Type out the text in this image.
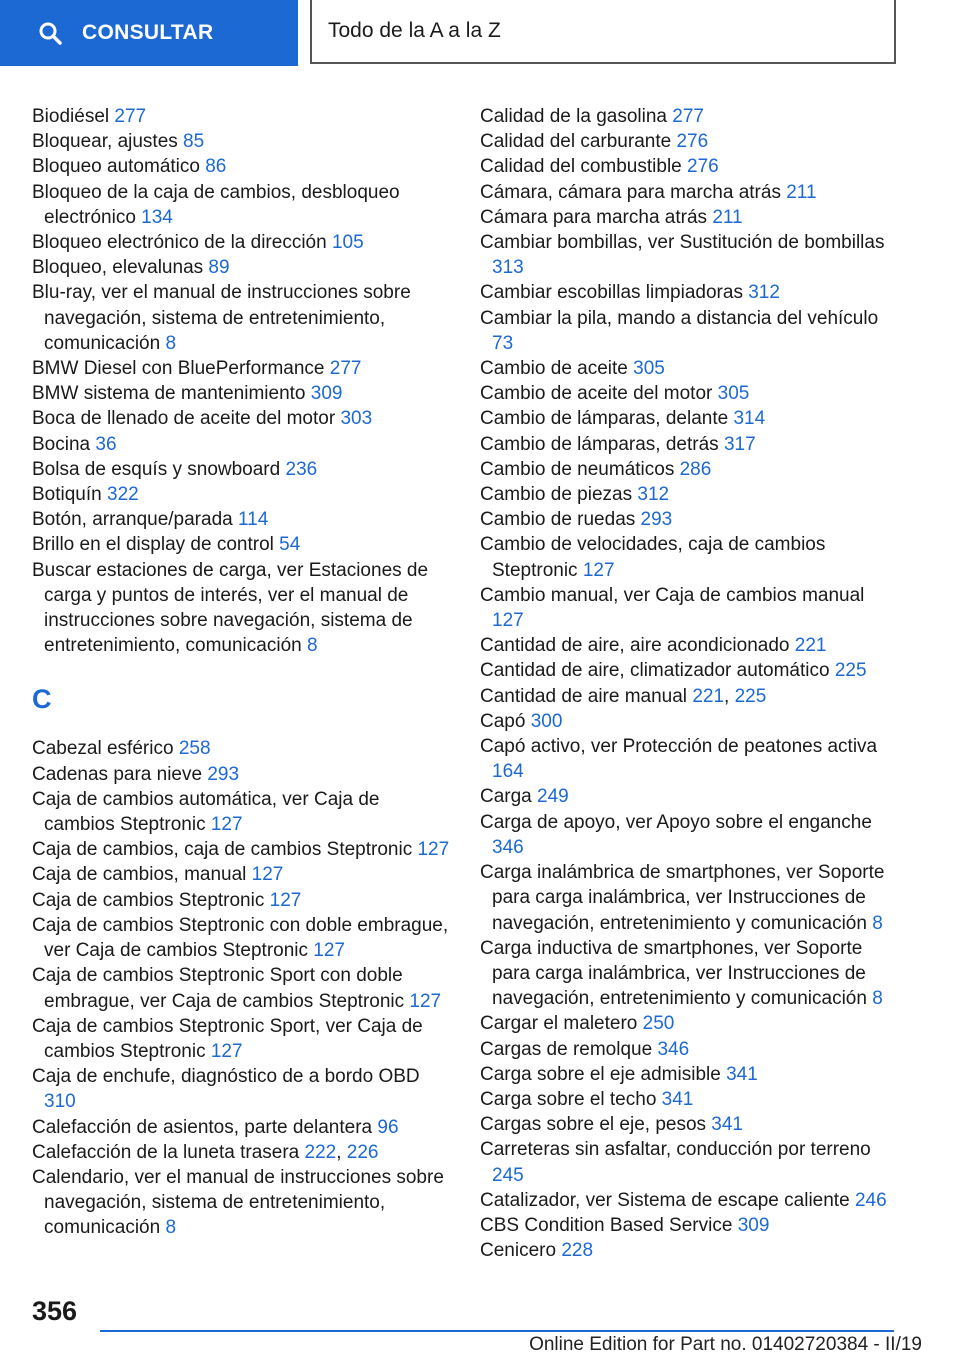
CONSULTAR	Todo de la A a la Z
Biodiésel 277
Bloquear, ajustes 85
Bloqueo automático 86
Bloqueo de la caja de cambios, desbloqueo electrónico 134
Bloqueo electrónico de la dirección 105
Bloqueo, elevalunas 89
Blu-ray, ver el manual de instrucciones sobre navegación, sistema de entretenimiento, comunicación 8
BMW Diesel con BluePerformance 277
BMW sistema de mantenimiento 309
Boca de llenado de aceite del motor 303
Bocina 36
Bolsa de esquís y snowboard 236
Botiquín 322
Botón, arranque/parada 114
Brillo en el display de control 54
Buscar estaciones de carga, ver Estaciones de carga y puntos de interés, ver el manual de instrucciones sobre navegación, sistema de entretenimiento, comunicación 8
C
Cabezal esférico 258
Cadenas para nieve 293
Caja de cambios automática, ver Caja de cambios Steptronic 127
Caja de cambios, caja de cambios Steptronic 127
Caja de cambios, manual 127
Caja de cambios Steptronic 127
Caja de cambios Steptronic con doble embrague, ver Caja de cambios Steptronic 127
Caja de cambios Steptronic Sport con doble embrague, ver Caja de cambios Steptronic 127
Caja de cambios Steptronic Sport, ver Caja de cambios Steptronic 127
Caja de enchufe, diagnóstico de a bordo OBD 310
Calefacción de asientos, parte delantera 96
Calefacción de la luneta trasera 222, 226
Calendario, ver el manual de instrucciones sobre navegación, sistema de entretenimiento, comunicación 8
Calidad de la gasolina 277
Calidad del carburante 276
Calidad del combustible 276
Cámara, cámara para marcha atrás 211
Cámara para marcha atrás 211
Cambiar bombillas, ver Sustitución de bombillas 313
Cambiar escobillas limpiadoras 312
Cambiar la pila, mando a distancia del vehículo 73
Cambio de aceite 305
Cambio de aceite del motor 305
Cambio de lámparas, delante 314
Cambio de lámparas, detrás 317
Cambio de neumáticos 286
Cambio de piezas 312
Cambio de ruedas 293
Cambio de velocidades, caja de cambios Steptronic 127
Cambio manual, ver Caja de cambios manual 127
Cantidad de aire, aire acondicionado 221
Cantidad de aire, climatizador automático 225
Cantidad de aire manual 221, 225
Capó 300
Capó activo, ver Protección de peatones activa 164
Carga 249
Carga de apoyo, ver Apoyo sobre el enganche 346
Carga inalámbrica de smartphones, ver Soporte para carga inalámbrica, ver Instrucciones de navegación, entretenimiento y comunicación 8
Carga inductiva de smartphones, ver Soporte para carga inalámbrica, ver Instrucciones de navegación, entretenimiento y comunicación 8
Cargar el maletero 250
Cargas de remolque 346
Carga sobre el eje admisible 341
Carga sobre el techo 341
Cargas sobre el eje, pesos 341
Carreteras sin asfaltar, conducción por terreno 245
Catalizador, ver Sistema de escape caliente 246
CBS Condition Based Service 309
Cenicero 228
356
Online Edition for Part no. 01402720384 - II/19
